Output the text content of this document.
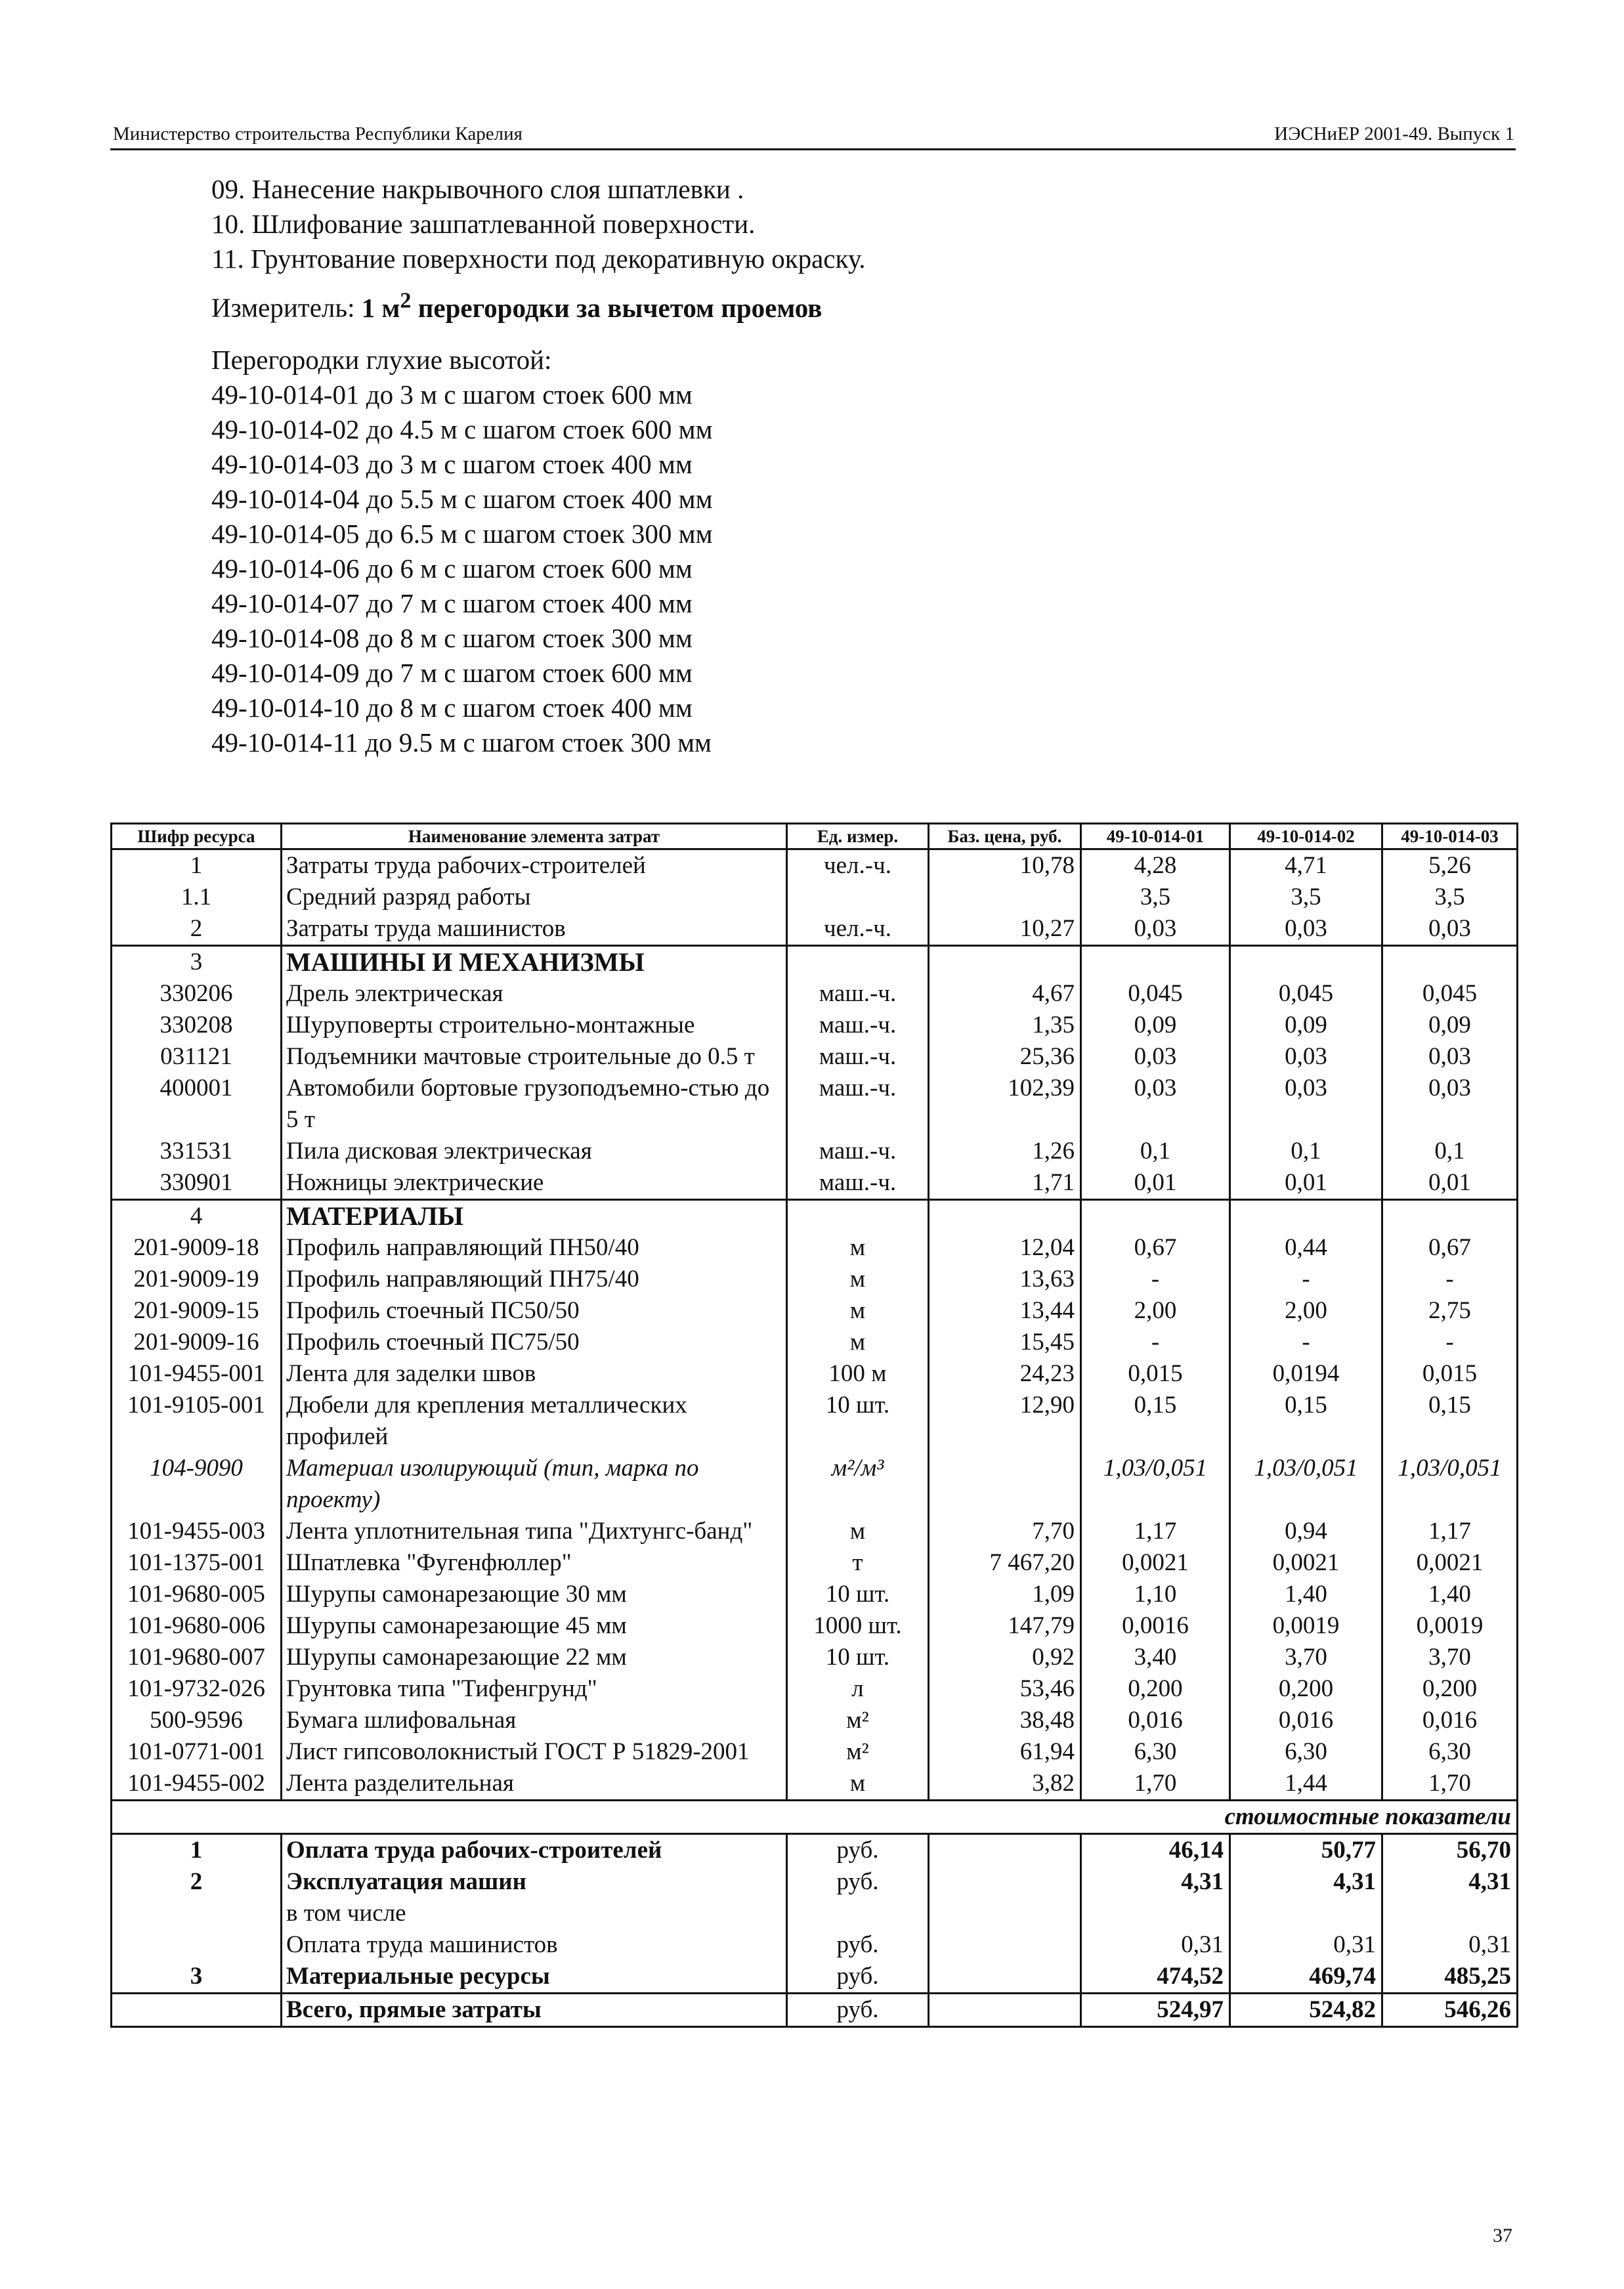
Министерство строительства Республики Карелия	ИЭСНиЕР 2001-49. Выпуск 1
09. Нанесение накрывочного слоя шпатлевки .
10. Шлифование зашпатлеванной поверхности.
11. Грунтование поверхности под декоративную окраску.
Измеритель: 1 $м^2$ перегородки за вычетом проемов
Перегородки глухие высотой:
49-10-014-01 до 3 м с шагом стоек 600 мм
49-10-014-02 до 4.5 м с шагом стоек 600 мм
49-10-014-03 до 3 м с шагом стоек 400 мм
49-10-014-04 до 5.5 м с шагом стоек 400 мм
49-10-014-05 до 6.5 м с шагом стоек 300 мм
49-10-014-06 до 6 м с шагом стоек 600 мм
49-10-014-07 до 7 м с шагом стоек 400 мм
49-10-014-08 до 8 м с шагом стоек 300 мм
49-10-014-09 до 7 м с шагом стоек 600 мм
49-10-014-10 до 8 м с шагом стоек 400 мм
49-10-014-11 до 9.5 м с шагом стоек 300 мм
Шифр ресурса	Наименование элемента затрат	Ед. измер.	Баз. цена, руб.	49-10-014-01	49-10-014-02	49-10-014-03
1	Затраты труда рабочих-строителей	чел.-ч.	10,78	4,28	4,71	5,26
1.1	Средний разряд работы			3,5	3,5	3,5
2	Затраты труда машинистов	чел.-ч.	10,27	0,03	0,03	0,03
3	МАШИНЫ И МЕХАНИЗМЫ					
330206	Дрель электрическая	маш.-ч.	4,67	0,045	0,045	0,045
330208	Шуруповерты строительно-монтажные	маш.-ч.	1,35	0,09	0,09	0,09
031121	Подъемники мачтовые строительные до 0.5 т	маш.-ч.	25,36	0,03	0,03	0,03
400001	Автомобили бортовые грузоподъемно-стью до 5 т	маш.-ч.	102,39	0,03	0,03	0,03
331531	Пила дисковая электрическая	маш.-ч.	1,26	0,1	0,1	0,1
330901	Ножницы электрические	маш.-ч.	1,71	0,01	0,01	0,01
4	МАТЕРИАЛЫ					
201-9009-18	Профиль направляющий ПН50/40	м	12,04	0,67	0,44	0,67
201-9009-19	Профиль направляющий ПН75/40	м	13,63	-	-	-
201-9009-15	Профиль стоечный ПС50/50	м	13,44	2,00	2,00	2,75
201-9009-16	Профиль стоечный ПС75/50	м	15,45	-	-	-
101-9455-001	Лента для заделки швов	100 м	24,23	0,015	0,0194	0,015
101-9105-001	Дюбели для крепления металлических профилей	10 шт.	12,90	0,15	0,15	0,15
104-9090	Материал изолирующий (тип, марка по проекту)	м²/м³		1,03/0,051	1,03/0,051	1,03/0,051
101-9455-003	Лента уплотнительная типа "Дихтунгс-банд"	м	7,70	1,17	0,94	1,17
101-1375-001	Шпатлевка "Фугенфюллер"	т	7 467,20	0,0021	0,0021	0,0021
101-9680-005	Шурупы самонарезающие 30 мм	10 шт.	1,09	1,10	1,40	1,40
101-9680-006	Шурупы самонарезающие 45 мм	1000 шт.	147,79	0,0016	0,0019	0,0019
101-9680-007	Шурупы самонарезающие 22 мм	10 шт.	0,92	3,40	3,70	3,70
101-9732-026	Грунтовка типа "Тифенгрунд"	л	53,46	0,200	0,200	0,200
500-9596	Бумага шлифовальная	м²	38,48	0,016	0,016	0,016
101-0771-001	Лист гипсоволокнистый ГОСТ Р 51829-2001	м²	61,94	6,30	6,30	6,30
101-9455-002	Лента разделительная	м	3,82	1,70	1,44	1,70
стоимостные показатели						
1	Оплата труда рабочих-строителей	руб.		46,14	50,77	56,70
2	Эксплуатация машин	руб.		4,31	4,31	4,31
	в том числе					
	Оплата труда машинистов	руб.		0,31	0,31	0,31
3	Материальные ресурсы	руб.		474,52	469,74	485,25
	Всего, прямые затраты	руб.		524,97	524,82	546,26
37
